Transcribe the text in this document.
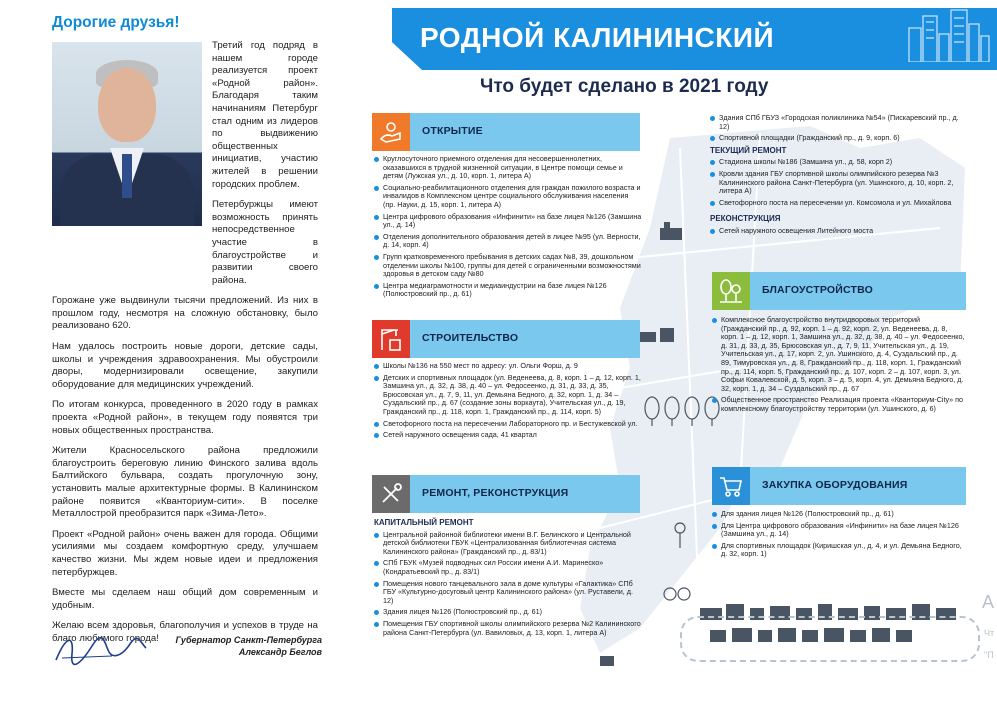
Дорогие друзья!

Третий год подряд в нашем городе реализуется проект «Родной район». Благодаря таким начинаниям Петербург стал одним из лидеров по выдвижению общественных инициатив, участию жителей в решении городских проблем.

Петербуржцы имеют возможность принять непосредственное участие в благоустройстве и развитии своего района.

Горожане уже выдвинули тысячи предложений. Из них в прошлом году, несмотря на сложную обстановку, было реализовано 620.

Нам удалось построить новые дороги, детские сады, школы и учреждения здравоохранения. Мы обустроили дворы, модернизировали освещение, закупили оборудование для медицинских учреждений.

По итогам конкурса, проведенного в 2020 году в рамках проекта «Родной район», в текущем году появятся три новых общественных пространства.

Жители Красносельского района предложили благоустроить береговую линию Финского залива вдоль Балтийского бульвара, создать прогулочную зону, установить малые архитектурные формы. В Калининском районе появится «Кванториум-сити». В поселке Металлострой преобразится парк «Зима-Лето».

Проект «Родной район» очень важен для города. Общими усилиями мы создаем комфортную среду, улучшаем качество жизни. Мы ждем новые идеи и предложения петербуржцев.

Вместе мы сделаем наш общий дом современным и удобным.

Желаю всем здоровья, благополучия и успехов в труде на благо любимого города!	Губернатор Санкт-Петербурга
Александр Беглов
РОДНОЙ КАЛИНИНСКИЙ
Что будет сделано в 2021 году
ОТКРЫТИЕ
Круглосуточного приемного отделения для несовершеннолетних, оказавшихся в трудной жизненной ситуации, в Центре помощи семье и детям (Лужская ул., д. 10, корп. 1, литера А)
Социально-реабилитационного отделения для граждан пожилого возраста и инвалидов в Комплексном центре социального обслуживания населения (пр. Науки, д. 15, корп. 1, литера А)
Центра цифрового образования «Инфинити» на базе лицея №126 (Замшина ул., д. 14)
Отделения дополнительного образования детей в лицее №95 (ул. Верности, д. 14, корп. 4)
Групп кратковременного пребывания в детских садах №8, 39, дошкольном отделении школы №100, группы для детей с ограниченными возможностями здоровья в детском саду №80
Центра медиаграмотности и медиаиндустрии на базе лицея №126 (Полюстровский пр., д. 61)
СТРОИТЕЛЬСТВО
Школы №136 на 550 мест по адресу: ул. Ольги Форш, д. 9
Детских и спортивных площадок (ул. Веденеева, д. 8, корп. 1 – д. 12, корп. 1, Замшина ул., д. 32, д. 38, д. 40 – ул. Федосеенко, д. 31, д. 33, д. 35, Брюсовская ул., д. 7, 9, 11, ул. Демьяна Бедного, д. 32, корп. 1, д. 34 – Суздальский пр., д. 67 (создание зоны воркаута), Учительская ул., д. 19, Гражданский пр., д. 118, корп. 1, Гражданский пр., д. 114, корп. 5)
Светофорного поста на пересечении Лабораторного пр. и Бестужевской ул.
Сетей наружного освещения сада, 41 квартал
РЕМОНТ, РЕКОНСТРУКЦИЯ
КАПИТАЛЬНЫЙ РЕМОНТ
Центральной районной библиотеки имени В.Г. Белинского и Центральной детской библиотеки ГБУК «Централизованная библиотечная система Калининского района» (Гражданский пр., д. 83/1)
СПб ГБУК «Музей подводных сил России имени А.И. Маринеско» (Кондратьевский пр., д. 83/1)
Помещения нового танцевального зала в доме культуры «Галактика» СПб ГБУ «Культурно-досуговый центр Калининского района» (ул. Руставели, д. 12)
Здания лицея №126 (Полюстровский пр., д. 61)
Помещения ГБУ спортивной школы олимпийского резерва №2 Калининского района Санкт-Петербурга (ул. Вавиловых, д. 13, корп. 1, литера А)
Здания СПб ГБУЗ «Городская поликлиника №54» (Пискаревский пр., д. 12)
Спортивной площадки (Гражданский пр., д. 9, корп. 6)
ТЕКУЩИЙ РЕМОНТ
Стадиона школы №186 (Замшина ул., д. 58, корп 2)
Кровли здания ГБУ спортивной школы олимпийского резерва №3 Калининского района Санкт-Петербурга (ул. Ушинского, д. 10, корп. 2, литера А)
Светофорного поста на пересечении ул. Комсомола и ул. Михайлова
РЕКОНСТРУКЦИЯ
Сетей наружного освещения Литейного моста
БЛАГОУСТРОЙСТВО
Комплексное благоустройство внутридворовых территорий (Гражданский пр., д. 92, корп. 1 – д. 92, корп. 2, ул. Веденеева, д. 8, корп. 1 – д. 12, корп. 1, Замшина ул., д. 32, д. 38, д. 40 – ул. Федосеенко, д. 31, д. 33, д. 35, Брюсовская ул., д. 7, 9, 11, Учительская ул., д. 19, Учительская ул., д. 17, корп. 2, ул. Ушинского, д. 4, Суздальский пр., д. 89, Тимуровская ул., д. 8, Гражданский пр., д. 118, корп. 1, Гражданский пр., д. 114, корп. 5, Гражданский пр., д. 107, корп. 2 – д. 107, корп. 3, ул. Софьи Ковалевской, д. 5, корп. 3 – д. 5, корп. 4, ул. Демьяна Бедного, д. 32, корп. 1, д. 34 – Суздальский пр., д. 67
Общественное пространство Реализация проекта «Кванториум-City» по комплексному благоустройству территории (ул. Ушинского, д. 6)
ЗАКУПКА ОБОРУДОВАНИЯ
Для здания лицея №126 (Полюстровский пр., д. 61)
Для Центра цифрового образования «Инфинити» на базе лицея №126 (Замшина ул., д. 14)
Для спортивных площадок (Киришская ул., д. 4, и ул. Демьяна Бедного, д. 32, корп. 1)
А
Чт
"П
